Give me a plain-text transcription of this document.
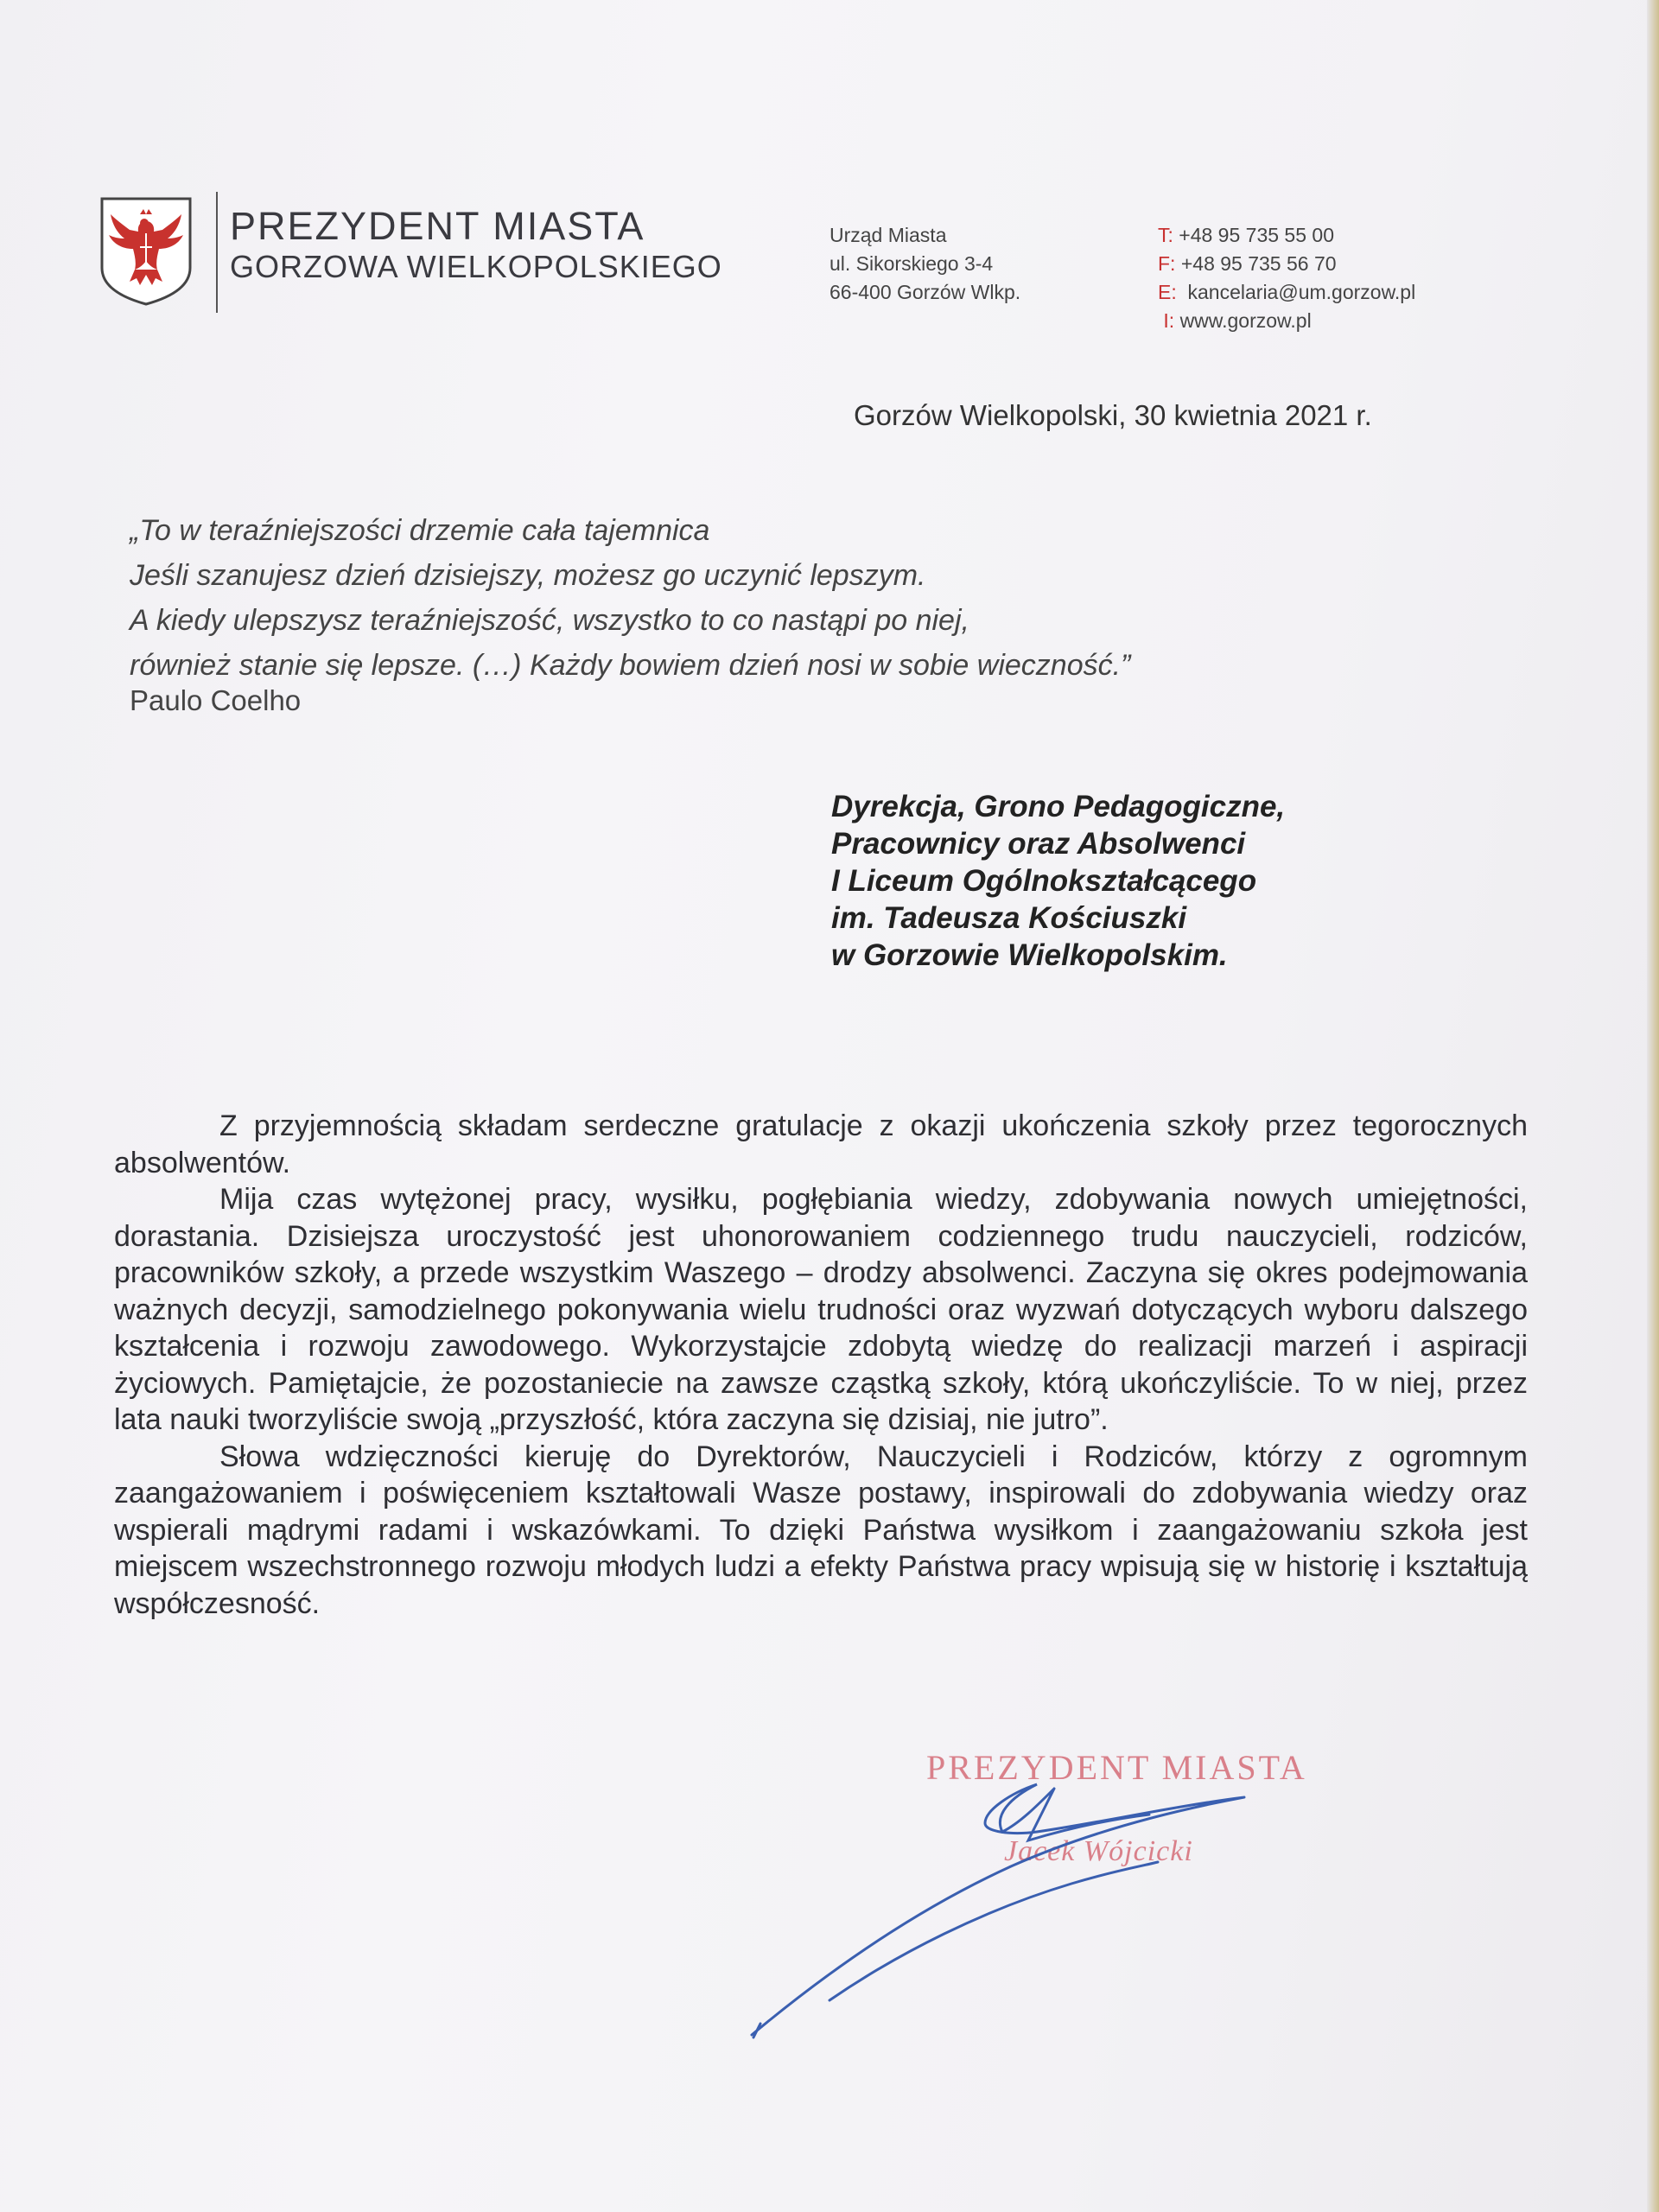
PREZYDENT MIASTA
GORZOWA WIELKOPOLSKIEGO
Urząd Miasta
ul. Sikorskiego 3-4
66-400 Gorzów Wlkp.
T: +48 95 735 55 00
F: +48 95 735 56 70
E: kancelaria@um.gorzow.pl
I: www.gorzow.pl
Gorzów Wielkopolski, 30 kwietnia 2021 r.
„To w teraźniejszości drzemie cała tajemnica
Jeśli szanujesz dzień dzisiejszy, możesz go uczynić lepszym.
A kiedy ulepszysz teraźniejszość, wszystko to co nastąpi po niej,
również stanie się lepsze. (…) Każdy bowiem dzień nosi w sobie wieczność.”
Paulo Coelho
Dyrekcja, Grono Pedagogiczne,
Pracownicy oraz Absolwenci
I Liceum Ogólnokształcącego
im. Tadeusza Kościuszki
w Gorzowie Wielkopolskim.

Z przyjemnością składam serdeczne gratulacje z okazji ukończenia szkoły przez tegorocznych absolwentów.

Mija czas wytężonej pracy, wysiłku, pogłębiania wiedzy, zdobywania nowych umiejętności, dorastania. Dzisiejsza uroczystość jest uhonorowaniem codziennego trudu nauczycieli, rodziców, pracowników szkoły, a przede wszystkim Waszego – drodzy absolwenci. Zaczyna się okres podejmowania ważnych decyzji, samodzielnego pokonywania wielu trudności oraz wyzwań dotyczących wyboru dalszego kształcenia i rozwoju zawodowego. Wykorzystajcie zdobytą wiedzę do realizacji marzeń i aspiracji życiowych. Pamiętajcie, że pozostaniecie na zawsze cząstką szkoły, którą ukończyliście. To w niej, przez lata nauki tworzyliście swoją „przyszłość, która zaczyna się dzisiaj, nie jutro”.

Słowa wdzięczności kieruję do Dyrektorów, Nauczycieli i Rodziców, którzy z ogromnym zaangażowaniem i poświęceniem kształtowali Wasze postawy, inspirowali do zdobywania wiedzy oraz wspierali mądrymi radami i wskazówkami. To dzięki Państwa wysiłkom i zaangażowaniu szkoła jest miejscem wszechstronnego rozwoju młodych ludzi a efekty Państwa pracy wpisują się w historię i kształtują współczesność.

PREZYDENT MIASTA
Jacek Wójcicki
